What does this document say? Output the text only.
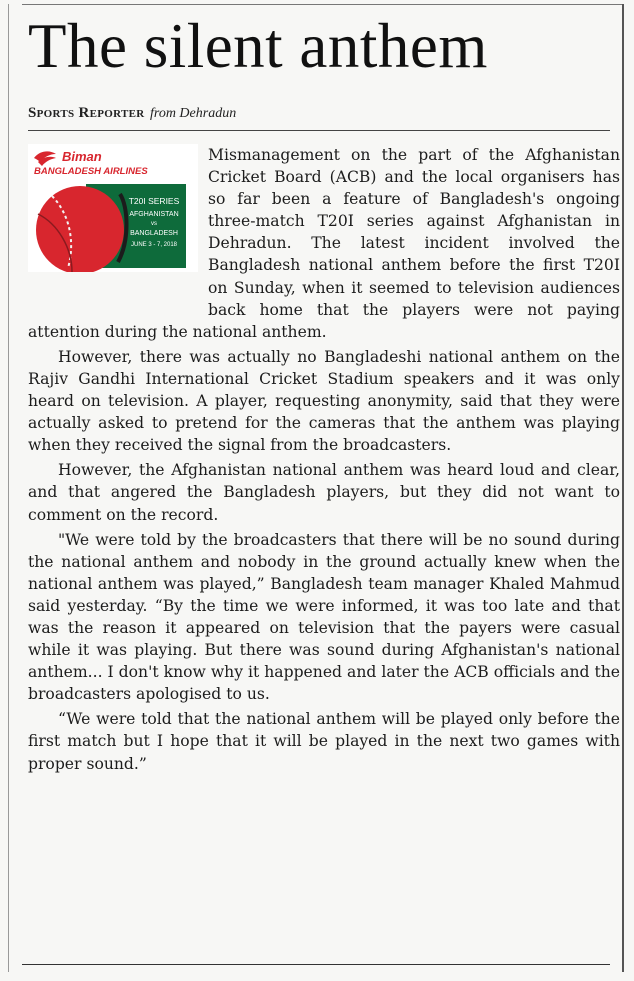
The silent anthem
Sports Reporter from Dehradun

Mismanagement on the part of the Afghanistan Cricket Board (ACB) and the local organisers has so far been a feature of Bangladesh's ongoing three-match T20I series against Afghanistan in Dehradun. The latest incident involved the Bangladesh national anthem before the first T20I on Sunday, when it seemed to television audiences back home that the players were not paying attention during the national anthem.

However, there was actually no Bangladeshi national anthem on the Rajiv Gandhi International Cricket Stadium speakers and it was only heard on television. A player, requesting anonymity, said that they were actually asked to pretend for the cameras that the anthem was playing when they received the signal from the broadcasters.

However, the Afghanistan national anthem was heard loud and clear, and that angered the Bangladesh players, but they did not want to comment on the record.

"We were told by the broadcasters that there will be no sound during the national anthem and nobody in the ground actually knew when the national anthem was played,” Bangladesh team manager Khaled Mahmud said yesterday. “By the time we were informed, it was too late and that was the reason it appeared on television that the payers were casual while it was playing. But there was sound during Afghanistan's national anthem... I don't know why it happened and later the ACB officials and the broadcasters apologised to us.

“We were told that the national anthem will be played only before the first match but I hope that it will be played in the next two games with proper sound.”

Biman
BANGLADESH AIRLINES
T20I SERIES
AFGHANISTAN
vs
BANGLADESH
JUNE 3 - 7, 2018
